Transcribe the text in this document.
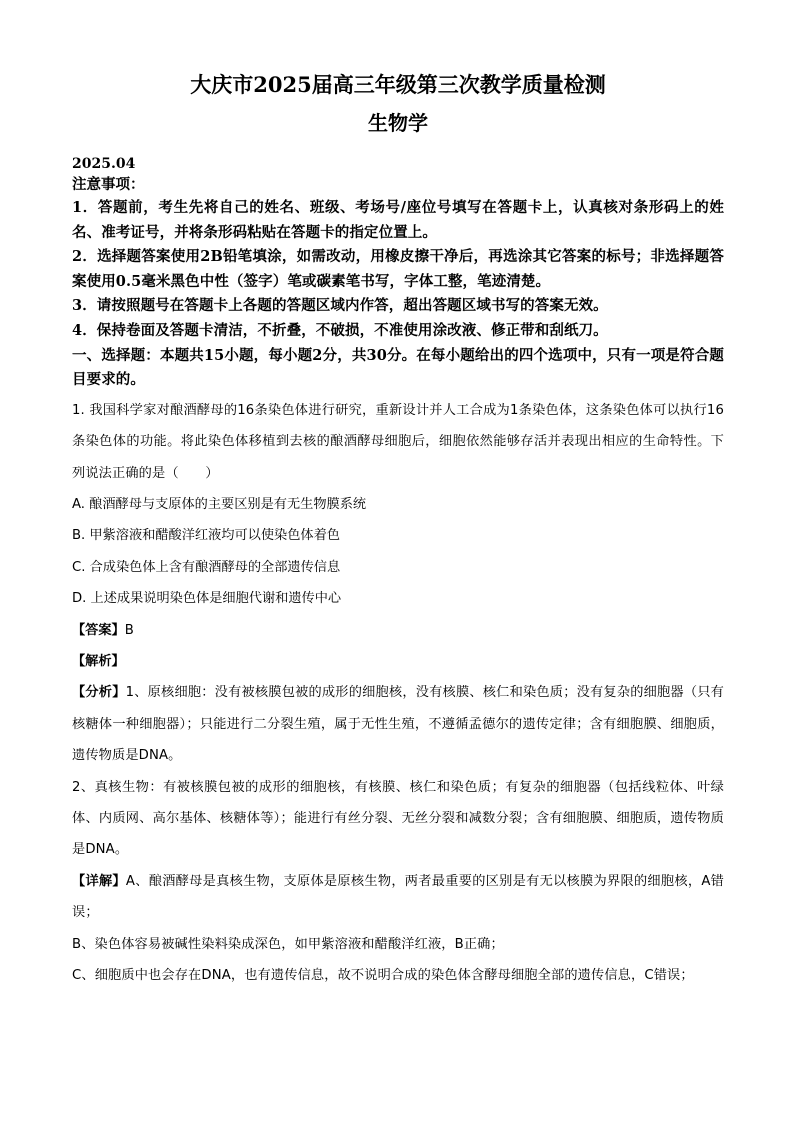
大庆市2025届高三年级第三次教学质量检测
生物学
2025.04
注意事项：
1．答题前，考生先将自己的姓名、班级、考场号/座位号填写在答题卡上，认真核对条形码上的姓名、准考证号，并将条形码粘贴在答题卡的指定位置上。
2．选择题答案使用2B铅笔填涂，如需改动，用橡皮擦干净后，再选涂其它答案的标号；非选择题答案使用0.5毫米黑色中性（签字）笔或碳素笔书写，字体工整，笔迹清楚。
3．请按照题号在答题卡上各题的答题区域内作答，超出答题区域书写的答案无效。
4．保持卷面及答题卡清洁，不折叠，不破损，不准使用涂改液、修正带和刮纸刀。
一、选择题：本题共15小题，每小题2分，共30分。在每小题给出的四个选项中，只有一项是符合题目要求的。
1. 我国科学家对酿酒酵母的16条染色体进行研究，重新设计并人工合成为1条染色体，这条染色体可以执行16条染色体的功能。将此染色体移植到去核的酿酒酵母细胞后，细胞依然能够存活并表现出相应的生命特性。下列说法正确的是（　　）
A. 酿酒酵母与支原体的主要区别是有无生物膜系统
B. 甲紫溶液和醋酸洋红液均可以使染色体着色
C. 合成染色体上含有酿酒酵母的全部遗传信息
D. 上述成果说明染色体是细胞代谢和遗传中心
【答案】B
【解析】
【分析】1、原核细胞：没有被核膜包被的成形的细胞核，没有核膜、核仁和染色质；没有复杂的细胞器（只有核糖体一种细胞器）；只能进行二分裂生殖，属于无性生殖，不遵循孟德尔的遗传定律；含有细胞膜、细胞质，遗传物质是DNA。
2、真核生物：有被核膜包被的成形的细胞核，有核膜、核仁和染色质；有复杂的细胞器（包括线粒体、叶绿体、内质网、高尔基体、核糖体等）；能进行有丝分裂、无丝分裂和减数分裂；含有细胞膜、细胞质，遗传物质是DNA。
【详解】A、酿酒酵母是真核生物，支原体是原核生物，两者最重要的区别是有无以核膜为界限的细胞核，A错误；
B、染色体容易被碱性染料染成深色，如甲紫溶液和醋酸洋红液，B正确；
C、细胞质中也会存在DNA，也有遗传信息，故不说明合成的染色体含酵母细胞全部的遗传信息，C错误；
